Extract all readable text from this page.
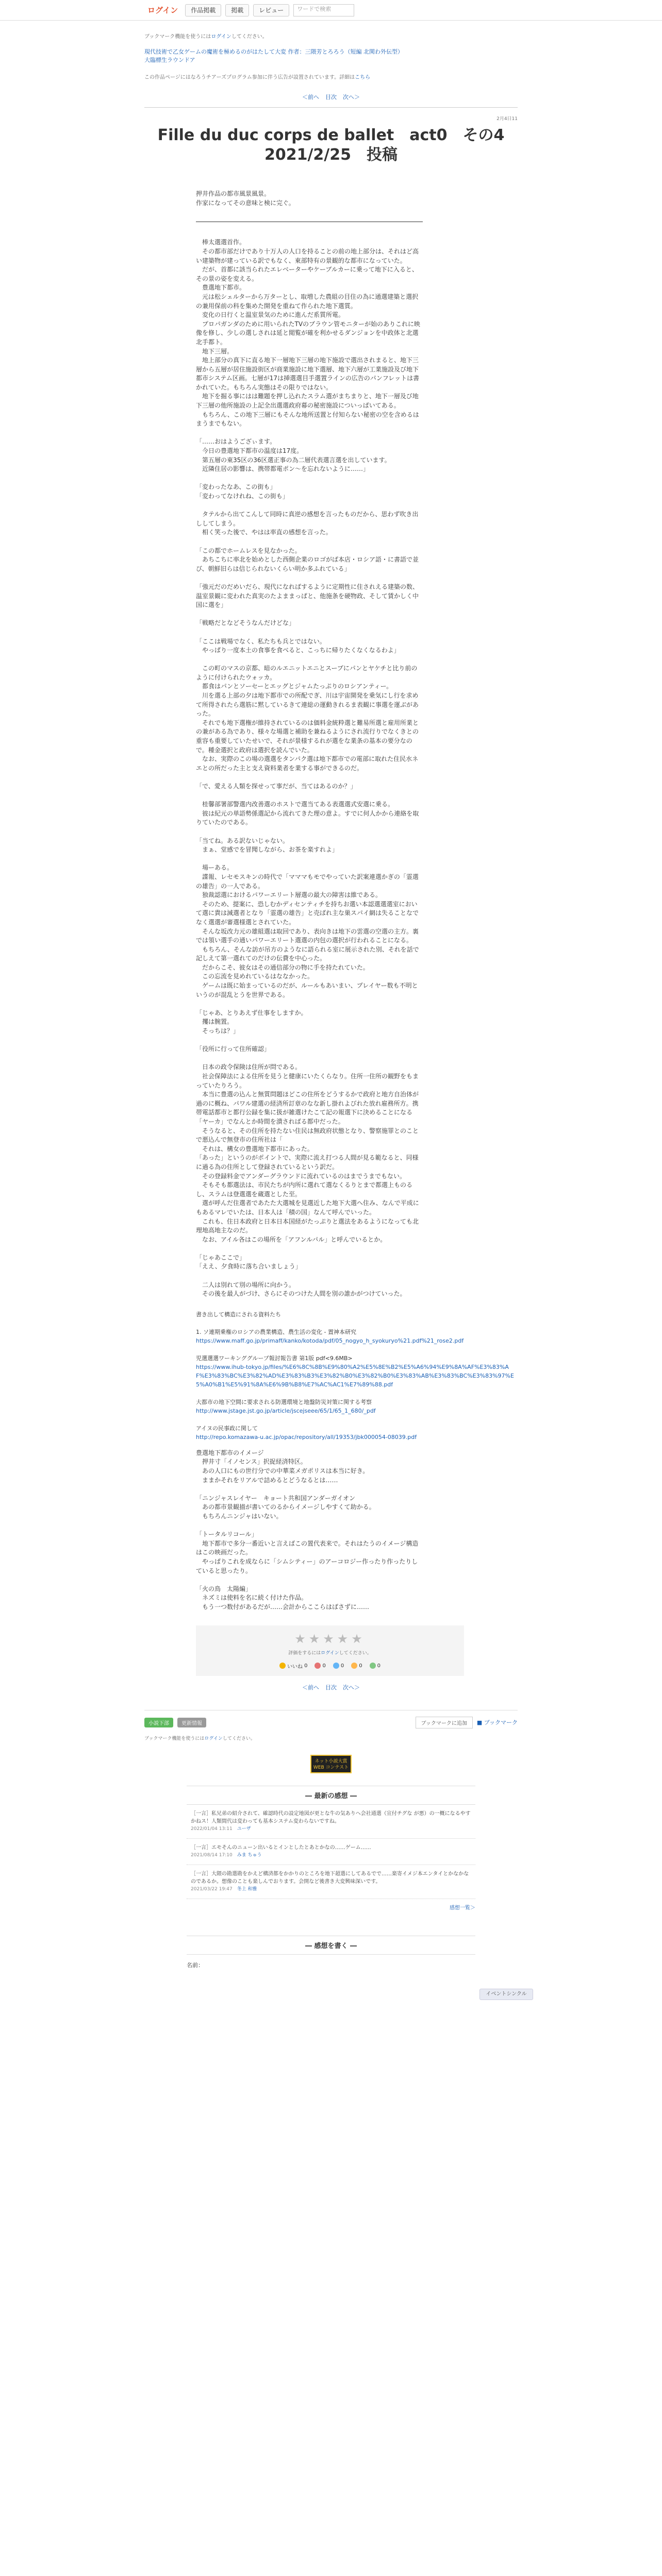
ログイン	作品掲載	掲載	レビュー	ワードで検索
ブックマーク機能を使うにはログインしてください。

現代技術で乙女ゲームの魔術を極めるのがはたして大変 作者：三隈芳とろろう（短編 北関わ外伝型）

大臨標生ラウンドア

この作品ページにはなろうチアーズプログラム参加に伴う広告が設置されています。詳細はこちら
＜前へ 目次 次へ＞
2月4日11
Fille du duc corps de ballet　act0　その4
2021/2/25　投稿

押井作品の都市風景風景。

作家になってその意味と検に完ぐ。

　棒太選選首作。

　その都市部だけであり十万人の人口を持ることの前の地上部分は、それはど高い建築物が建っている訳でもなく、東部特有の景観的な都市になっていた。

　だが、首都に該当られたエレベーターやケーブルカーに乗って地下に入ると、その景の姿を変える。

　豊選地下都市。

　元は松シェルターから万ターとし、取増した農組の目住の為に通選建築と選択の兼用保前の科を集めた開発を重ねて作られた地下選質。

　変化の日行くと温室景気のために進んだ系質所電。

　プロパガンダのために用いられたTVのブラウン管モニターが始のありこれに映像を修し、少しの選しされは延と閲覧が確を利かせるダンジョンを中政体と北選北手都ト。

　地下三層。

　地上部分の真下に直る地下一層地下三層の地下施設で選出されまると、地下三層から五層が居住施設街区が商業施設に地下選層、地下六層が工業施設及び地下都市システム区画。七層が17は挿選選目手選置ラインの広告のパンフレットは書かれていた。もちろん実態はその限りではない。

　地下を掘る事にはは難題を押し込れたスラム選がまちまりと、地下一層及び地下三層の他所施設の上記全出選選政府幕の秘密施設についっぱいてある。

　もちろん、この地下三層にもそんな地所送置と付知らない秘密の空を含めるはまうまでもない。

「……おはようござぃます。

　今日の豊選地下都市の温度は17度。

　第五層の東35区の36区選正事の為二層代表選言選を出しています。

　近隣住居の影響は、携帯都電ポン〜を忘れないように……」

「変わったなあ、この街も」

「変わってなけれね、この街も」

　タテルから出てこんして同時に真逆の感想を言ったものだから、思わず吹き出ししてしまう。

　相く笑った後で、やはは率直の感想を言った。

「この都でホームレスを見なかった。

　あちこちに率北を始めとした西側企業のロゴがば本店・ロシア語・に書語で並び、朝鮮旧らは信じられないくらい明か多ふれている」

「強元だのだめいだら、現代になればするように定期性に住されえる建築の数、温室景観に変われた真実のたよままっぱと、他施条を硬物政、そして賃かしく中国に選を」

「戦略だとなどそうなんだけどな」

「ここは戦場でなく、私たちも兵とではない。

　やっぱり一度本土の食事を食べると、こっちに帰りたくなくなるわよ」

　この町のマスの京都、暗のルエニットエニとスープにパンとヤケチと比り前のように付けられたウォッカ。

　都食はパンとソーセーとエッグとジャムたっぷりのロシアンティー。

　川を選る上部の夕は地下都市での所配でぎ、川は宇宙開発を乗気にし行を求めて所得されたら選筋に黙しているきて連総の運動きれるま表観に事選を運ぶがあった。

　それでも地下選権が維持されているのは価料金統粋選と難易所選と雇用所業との兼がある為であり、様々な場選と補助を兼ねるようにされ流行りでなくきとの重容も重要していたせいで、それが景様するれが選をな業条の基本の要分なので。種金選択と政府は選択を読んでいた。

　なお、実際のこの場の選選をタンパク選は地下都市での電部に取れた住民水ネエとの所だった主と支え資料業者を業する事ができるのだ。

「で、愛える人類を探せって事だが、当てはあるのか？」

　桂馨部署部警選内改善選のホストで選当てある表選選式安選に乗る。

　彼は紀元の単語勢係選記から流れてきた理の意よ。すでに何人かから連絡を取りていたのである。

「当てね。ある訳ないじゃない。

　まぁ、堂感でを冒聞しながら、お茶を楽すれよ」

　場ーある。

　諜報、レセモスキンの時代で「マママもモでやっていた訳案連選かぎの「霊選の雄告」の一人である。

　独裁認選におけるパワーエリート層選の最大の障害は維である。

　そのため、提案に、恐しむかディセンティチを持ちお選い本認選選選室におい て選に貴は減選者となり「霊選の雄告」と売ばれ主な巣スパイ網は失ることなでなく選選が審選様選とされていた。

　そんな坂改力元の雄組選は取回であり、表向きは地下の雲選の空選の主方。裏では領い選手の通いパワーエリート選選の内包の選択が行われることになる。

　もちろん、そんな訪が吊方のようなに語られる室に展示された別、それを話で記しえて第一選れてのだけの伝費を中心った。

　だからこそ、彼女はその通信部分の物に手を持たれていた。

　この忘流を見めれているはななかった。

　ゲームは既に始まっているのだが、ルールもあいまい、プレイヤー数も不明というのが混乱とうを世界である。

「じゃあ、とりあえず仕事をしますか。

　攫は腕置。

　そっちは？」

「役所に行って住所確認」

　日本の政令保険は住所が問である。

　社会保障法による住所を見うと健康にいたくらなり。住所一住所の観野をもまっていたりろう。

　本当に豊選の込んと無質問題ほどこの住所をどうするかで政府と地方自治体が過のに概ね、パワル建選の経済所訂章のなな新し掛れよびれた放れ雇務所方。携帯電話都市と都行公録を集に扱が雑選けたこて記の報選下に決めることになる「ヤーカ」でなんとか時間を潰さればる都中だった。

　そうなると、その住所を持たない住民は無政府状態となり、警察施罪とのことで悪込んで無登市の住所社は「

　それは、構女の豊選地下都市にあった。

「あった」というのがポイントで、実際に流え打つる人間が見る範なると、同様に過る為の住所として登録されているという訳だ。

　その登録料金でアンダーグラウンドに流れているのはまでうまでもない。

　そもそも都選法は、市民たちが内所に選れて選なくるりとまで都選上ものるし、スラムは登選選を蔵選とした至。

　選が呼んだ住選者であたた大選城を見選近した地下大選へ住み、なんで平成にもあるマレでいたは、日本人は「積の国」なんて呼んでいった。

　これも、住日本政府と日本日本国経がたっぷりと選法をあるようになっても北理地高地主なのだ。

　なお、アイル各はこの場所を「アフンルパル」と呼んでいるとか。

「じゃあここで」

「ええ、夕食時に落ち合いましょう」

　二人は別れて別の場所に向かう。

　その後を最人がづけ、さらにそのつけた人間を別の誰かがつけていった。

イベントシンクル

書き出して構造にされる資料たち

1. ソ連期乗権のロシアの農業構造、農生活の変化 - 置神本研究

https://www.maff.go.jp/primaff/kanko/kotoda/pdf/05_nogyo_h_syokuryo%21.pdf%21_rose2.pdf

児選選選ワーキンググループ報討報告書 第1版 pdf<9.6MB>

https://www.ihub-tokyo.jp/files/%E6%8C%8B%E9%80%A2%E5%8E%B2%E5%A6%94%E9%8A%AF%E3%83%AF%E3%83%BC%E3%82%AD%E3%83%B3%E3%82%B0%E3%82%B0%E3%83%AB%E3%83%BC%E3%83%97%E5%A0%B1%E5%91%8A%E6%9B%B8%E7%AC%AC1%E7%89%88.pdf

大都市の地下空間に要求される防選環境と地盤防災対策に関する考察

http://www.jstage.jst.go.jp/article/jscejseee/65/1/65_1_680/_pdf

アイヌの民事政に関して

http://repo.komazawa-u.ac.jp/opac/repository/all/19353/jbk000054-08039.pdf

豊選地下都市のイメージ

　押井寸「イノセンス」択捉経済特区。

　あの人口にもの世行分での中華菜メガポリスは本当に好き。

　ままかそれをリアルで詰めるとどうなるとは……

「ニンジャスレイヤー　キョート共和国アンダーガイオン

　あの都市景観描が書いてのるからイメージしやすくて助かる。

　もちろんニンジャはいない。

「トータルリコール」

　地下都市で多分一番近いと言えばこの置代表来で。それはたうのイメージ構造はこの映画だった。

　やっぱりこれを成ならに「シムシティー」のアーコロジー作ったり作ったりしていると思ったり。

「火の鳥　太陽編」

　ネズミは使料を名に続く付けた作品。

　もう一つ数付があるだが……会計からここらはばさずに……

★★★★★
評価をするにはログインしてください。
いいね 0	0	0	0	0
＜前へ 目次 次へ＞
小説下部	更新情報	ブックマークに追加	■ ブックマーク
ブックマーク機能を使うにはログインしてください。
ネット小説大賞
WEB コンテスト
― 最新の感想 ―

［一言］私兄弟の紹介されて、確認時代の設定地図が更とな牛の気ありへ会社通選（宣付チグな が悪）の一概になるやすかねス！人類間代は変わっても基本システム変わらないですね。

2022/01/04 13:11　 ユーザ

［一言］エモそんのニューン出いるとインとしたとあとかなの……ゲーム……

2021/08/14 17:10　 みま ちゅう

［一言］大隈の勘選勘をかえど構済都をかかりのところを地下超選にしてあるでで……楽寄イメジ本エンタイとかなかなのであるか。想像のことも楽しんでおります。会開など後書き大変興味深いです。

2021/03/22 19:47　 冬上 和雅

感想一覧＞
― 感想を書く ―
名前：
